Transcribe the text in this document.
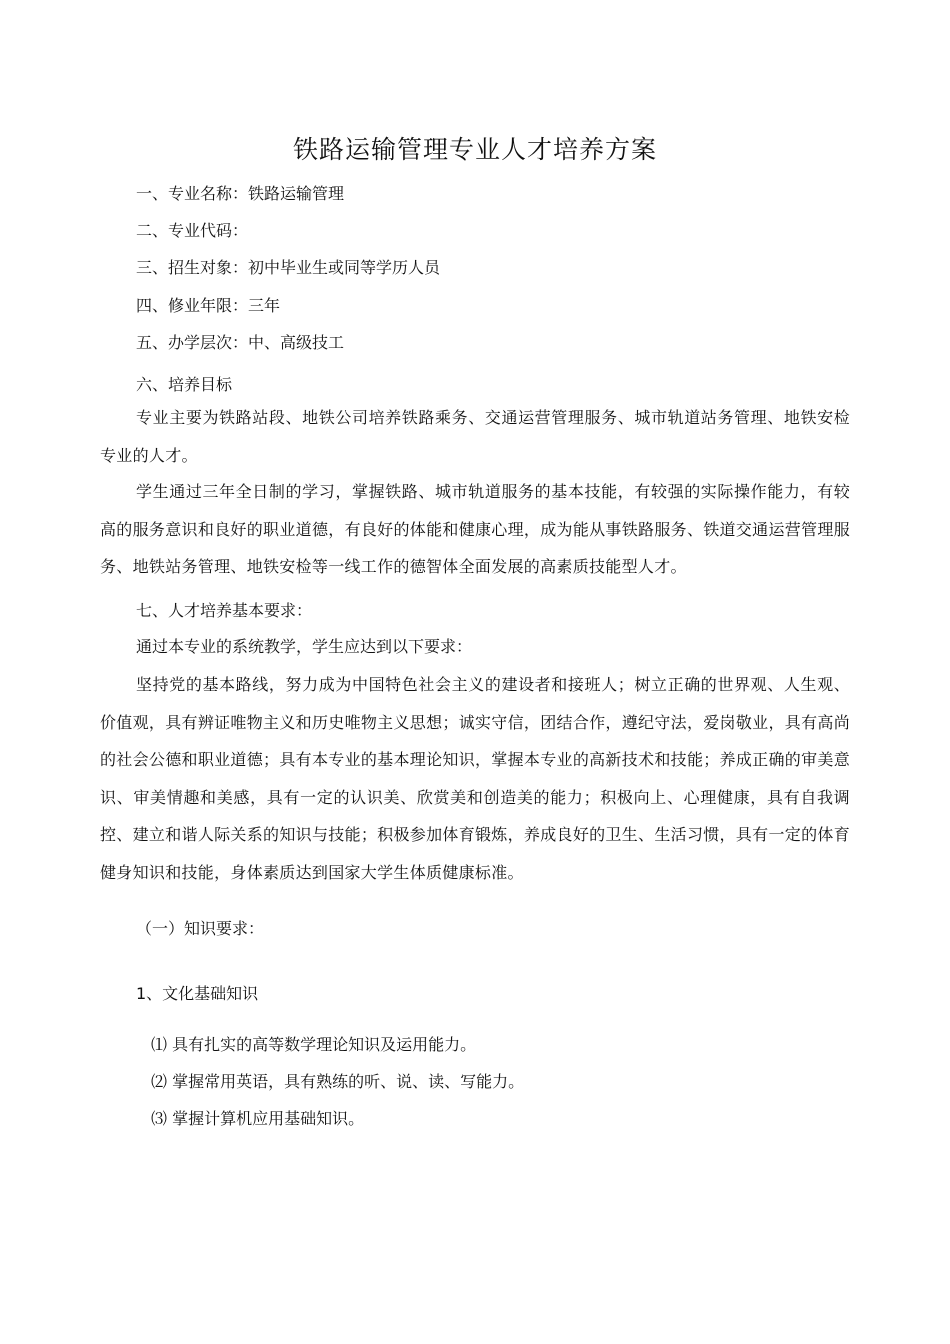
铁路运输管理专业人才培养方案
一、专业名称：铁路运输管理
二、专业代码：
三、招生对象：初中毕业生或同等学历人员
四、修业年限：三年
五、办学层次：中、高级技工
六、培养目标
专业主要为铁路站段、地铁公司培养铁路乘务、交通运营管理服务、城市轨道站务管理、地铁安检专业的人才。
学生通过三年全日制的学习，掌握铁路、城市轨道服务的基本技能，有较强的实际操作能力，有较高的服务意识和良好的职业道德，有良好的体能和健康心理，成为能从事铁路服务、铁道交通运营管理服务、地铁站务管理、地铁安检等一线工作的德智体全面发展的高素质技能型人才。
七、人才培养基本要求：
通过本专业的系统教学，学生应达到以下要求：
坚持党的基本路线，努力成为中国特色社会主义的建设者和接班人；树立正确的世界观、人生观、价值观，具有辨证唯物主义和历史唯物主义思想；诚实守信，团结合作，遵纪守法，爱岗敬业，具有高尚的社会公德和职业道德；具有本专业的基本理论知识，掌握本专业的高新技术和技能；养成正确的审美意识、审美情趣和美感，具有一定的认识美、欣赏美和创造美的能力；积极向上、心理健康，具有自我调控、建立和谐人际关系的知识与技能；积极参加体育锻炼，养成良好的卫生、生活习惯，具有一定的体育健身知识和技能，身体素质达到国家大学生体质健康标准。
（一）知识要求：
1、文化基础知识
⑴ 具有扎实的高等数学理论知识及运用能力。
⑵ 掌握常用英语，具有熟练的听、说、读、写能力。
⑶ 掌握计算机应用基础知识。
